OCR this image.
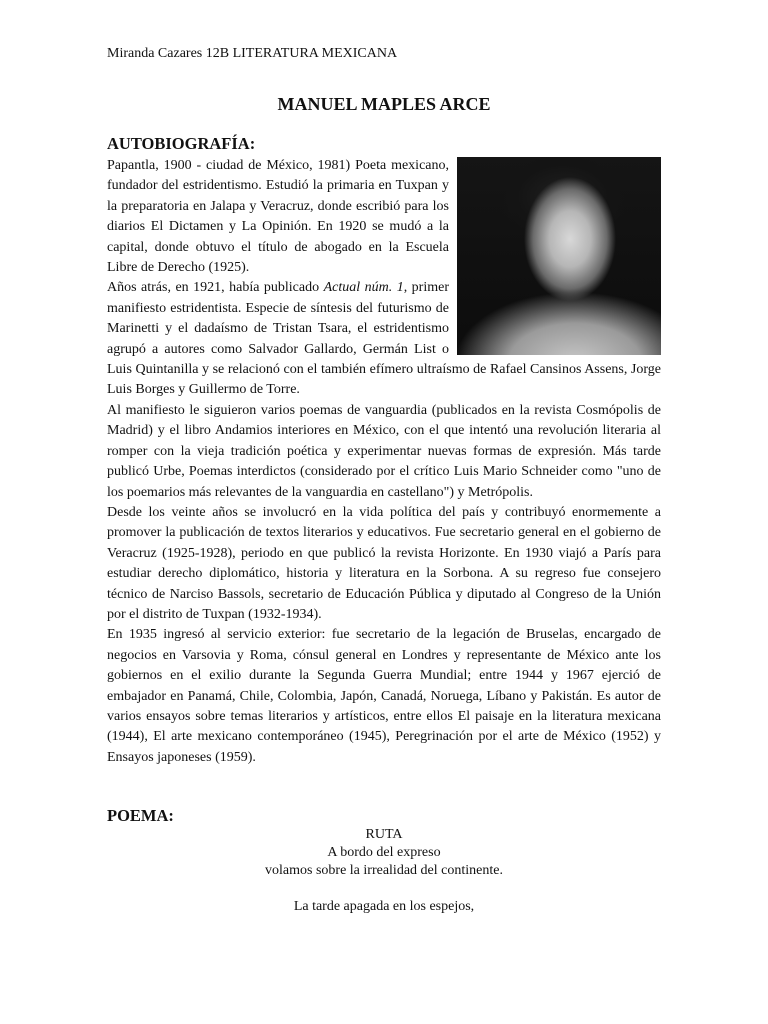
Miranda Cazares 12B LITERATURA MEXICANA
MANUEL MAPLES ARCE
AUTOBIOGRAFÍA:

Papantla, 1900 - ciudad de México, 1981) Poeta mexicano, fundador del estridentismo. Estudió la primaria en Tuxpan y la preparatoria en Jalapa y Veracruz, donde escribió para los diarios El Dictamen y La Opinión. En 1920 se mudó a la capital, donde obtuvo el título de abogado en la Escuela Libre de Derecho (1925).

Años atrás, en 1921, había publicado Actual núm. 1, primer manifiesto estridentista. Especie de síntesis del futurismo de Marinetti y el dadaísmo de Tristan Tsara, el estridentismo agrupó a autores como Salvador Gallardo, Germán List o Luis Quintanilla y se relacionó con el también efímero ultraísmo de Rafael Cansinos Assens, Jorge Luis Borges y Guillermo de Torre.

Al manifiesto le siguieron varios poemas de vanguardia (publicados en la revista Cosmópolis de Madrid) y el libro Andamios interiores en México, con el que intentó una revolución literaria al romper con la vieja tradición poética y experimentar nuevas formas de expresión. Más tarde publicó Urbe, Poemas interdictos (considerado por el crítico Luis Mario Schneider como "uno de los poemarios más relevantes de la vanguardia en castellano") y Metrópolis.

Desde los veinte años se involucró en la vida política del país y contribuyó enormemente a promover la publicación de textos literarios y educativos. Fue secretario general en el gobierno de Veracruz (1925-1928), periodo en que publicó la revista Horizonte. En 1930 viajó a París para estudiar derecho diplomático, historia y literatura en la Sorbona. A su regreso fue consejero técnico de Narciso Bassols, secretario de Educación Pública y diputado al Congreso de la Unión por el distrito de Tuxpan (1932-1934).

En 1935 ingresó al servicio exterior: fue secretario de la legación de Bruselas, encargado de negocios en Varsovia y Roma, cónsul general en Londres y representante de México ante los gobiernos en el exilio durante la Segunda Guerra Mundial; entre 1944 y 1967 ejerció de embajador en Panamá, Chile, Colombia, Japón, Canadá, Noruega, Líbano y Pakistán. Es autor de varios ensayos sobre temas literarios y artísticos, entre ellos El paisaje en la literatura mexicana (1944), El arte mexicano contemporáneo (1945), Peregrinación por el arte de México (1952) y Ensayos japoneses (1959).

POEMA:
RUTA
A bordo del expreso
volamos sobre la irrealidad del continente.
La tarde apagada en los espejos,
